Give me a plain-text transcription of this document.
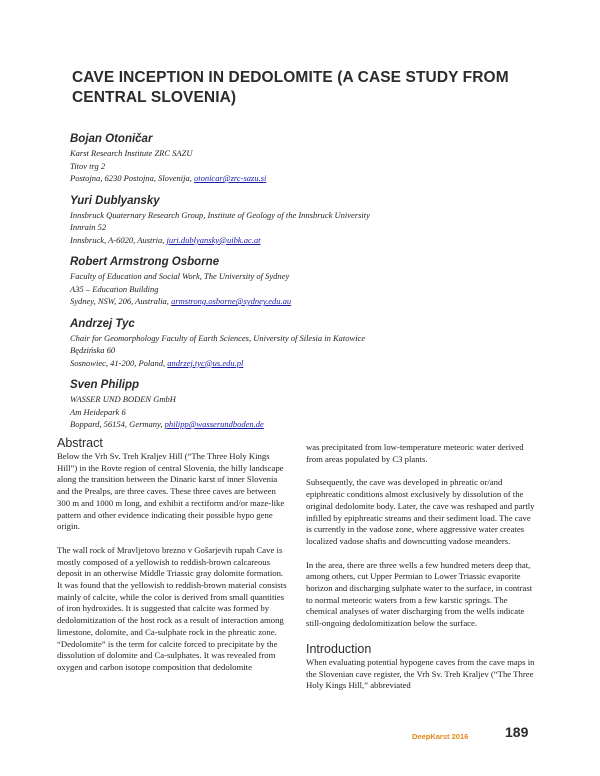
CAVE INCEPTION IN DEDOLOMITE (A CASE STUDY FROM CENTRAL SLOVENIA)
Bojan Otoničar
Karst Research Institute ZRC SAZU
Titov trg 2
Postojna, 6230 Postojna, Slovenija, otonicar@zrc-sazu.si
Yuri Dublyansky
Innsbruck Quaternary Research Group, Institute of Geology of the Innsbruck University
Innrain 52
Innsbruck, A-6020, Austria, juri.dublyansky@uibk.ac.at
Robert Armstrong Osborne
Faculty of Education and Social Work, The University of Sydney
A35 – Education Building
Sydney, NSW, 206, Australia, armstrong.osborne@sydney.edu.au
Andrzej Tyc
Chair for Geomorphology Faculty of Earth Sciences, University of Silesia in Katowice
Będzińska 60
Sosnowiec, 41-200, Poland, andrzej.tyc@us.edu.pl
Sven Philipp
WASSER UND BODEN GmbH
Am Heidepark 6
Boppard, 56154, Germany, philipp@wasserundboden.de
Abstract

Below the Vrh Sv. Treh Kraljev Hill (“The Three Holy Kings Hill”) in the Rovte region of central Slovenia, the hilly landscape along the transition between the Dinaric karst of inner Slovenia and the Prealps, are three caves. These three caves are between 300 m and 1000 m long, and exhibit a rectiform and/or maze-like pattern and other evidence indicating their possible hypo gene origin.

The wall rock of Mravljetovo brezno v Gošarjevih rupah Cave is mostly composed of a yellowish to reddish-brown calcareous deposit in an otherwise Middle Triassic gray dolomite formation. It was found that the yellowish to reddish-brown material consists mainly of calcite, while the color is derived from small quantities of iron hydroxides. It is suggested that calcite was formed by dedolomitization of the host rock as a result of interaction among limestone, dolomite, and Ca-sulphate rock in the phreatic zone. “Dedolomite” is the term for calcite forced to precipitate by the dissolution of dolomite and Ca-sulphates. It was revealed from oxygen and carbon isotope composition that dedolomite

was precipitated from low-temperature meteoric water derived from areas populated by C3 plants.

Subsequently, the cave was developed in phreatic or/and epiphreatic conditions almost exclusively by dissolution of the original dedolomite body. Later, the cave was reshaped and partly infilled by epiphreatic streams and their sediment load. The cave is currently in the vadose zone, where aggressive water creates localized vadose shafts and downcutting vadose meanders.

In the area, there are three wells a few hundred meters deep that, among others, cut Upper Permian to Lower Triassic evaporite horizon and discharging sulphate water to the surface, in contrast to normal meteoric waters from a few karstic springs. The chemical analyses of water discharging from the wells indicate still-ongoing dedolomitization below the surface.

Introduction

When evaluating potential hypogene caves from the cave maps in the Slovenian cave register, the Vrh Sv. Treh Kraljev (“The Three Holy Kings Hill,” abbreviated

DeepKarst 2016	189
